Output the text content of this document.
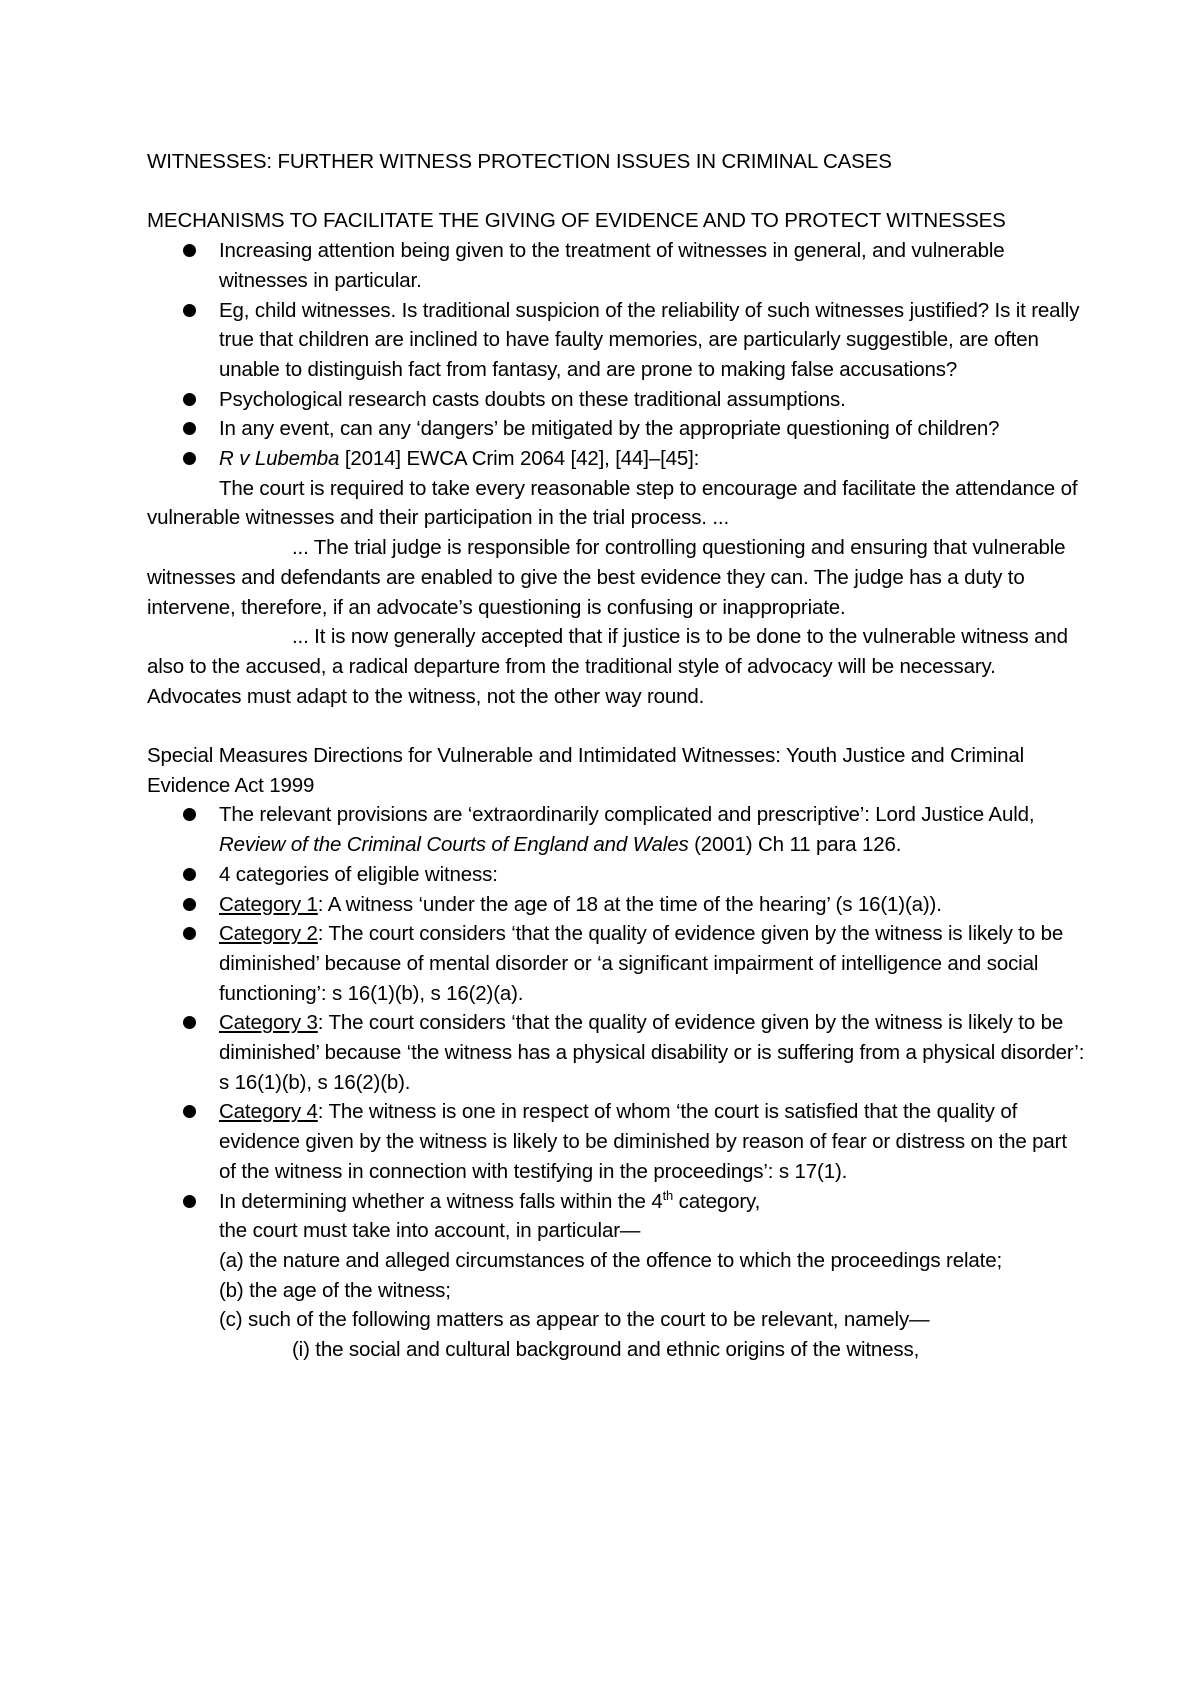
WITNESSES: FURTHER WITNESS PROTECTION ISSUES IN CRIMINAL CASES

MECHANISMS TO FACILITATE THE GIVING OF EVIDENCE AND TO PROTECT WITNESSES

Increasing attention being given to the treatment of witnesses in general, and vulnerable witnesses in particular.
Eg, child witnesses. Is traditional suspicion of the reliability of such witnesses justified? Is it really true that children are inclined to have faulty memories, are particularly suggestible, are often unable to distinguish fact from fantasy, and are prone to making false accusations?
Psychological research casts doubts on these traditional assumptions.
In any event, can any ‘dangers’ be mitigated by the appropriate questioning of children?
R v Lubemba [2014] EWCA Crim 2064 [42], [44]–[45]:

The court is required to take every reasonable step to encourage and facilitate the attendance of vulnerable witnesses and their participation in the trial process. ...

... The trial judge is responsible for controlling questioning and ensuring that vulnerable witnesses and defendants are enabled to give the best evidence they can. The judge has a duty to intervene, therefore, if an advocate’s questioning is confusing or inappropriate.

... It is now generally accepted that if justice is to be done to the vulnerable witness and also to the accused, a radical departure from the traditional style of advocacy will be necessary. Advocates must adapt to the witness, not the other way round.

Special Measures Directions for Vulnerable and Intimidated Witnesses: Youth Justice and Criminal Evidence Act 1999

The relevant provisions are ‘extraordinarily complicated and prescriptive’: Lord Justice Auld, Review of the Criminal Courts of England and Wales (2001) Ch 11 para 126.
4 categories of eligible witness:
Category 1: A witness ‘under the age of 18 at the time of the hearing’ (s 16(1)(a)).
Category 2: The court considers ‘that the quality of evidence given by the witness is likely to be diminished’ because of mental disorder or ‘a significant impairment of intelligence and social functioning’: s 16(1)(b), s 16(2)(a).
Category 3: The court considers ‘that the quality of evidence given by the witness is likely to be diminished’ because ‘the witness has a physical disability or is suffering from a physical disorder’: s 16(1)(b), s 16(2)(b).
Category 4: The witness is one in respect of whom ‘the court is satisfied that the quality of evidence given by the witness is likely to be diminished by reason of fear or distress on the part of the witness in connection with testifying in the proceedings’: s 17(1).
In determining whether a witness falls within the 4th category,

the court must take into account, in particular—

(a) the nature and alleged circumstances of the offence to which the proceedings relate;

(b) the age of the witness;

(c) such of the following matters as appear to the court to be relevant, namely—

(i) the social and cultural background and ethnic origins of the witness,
